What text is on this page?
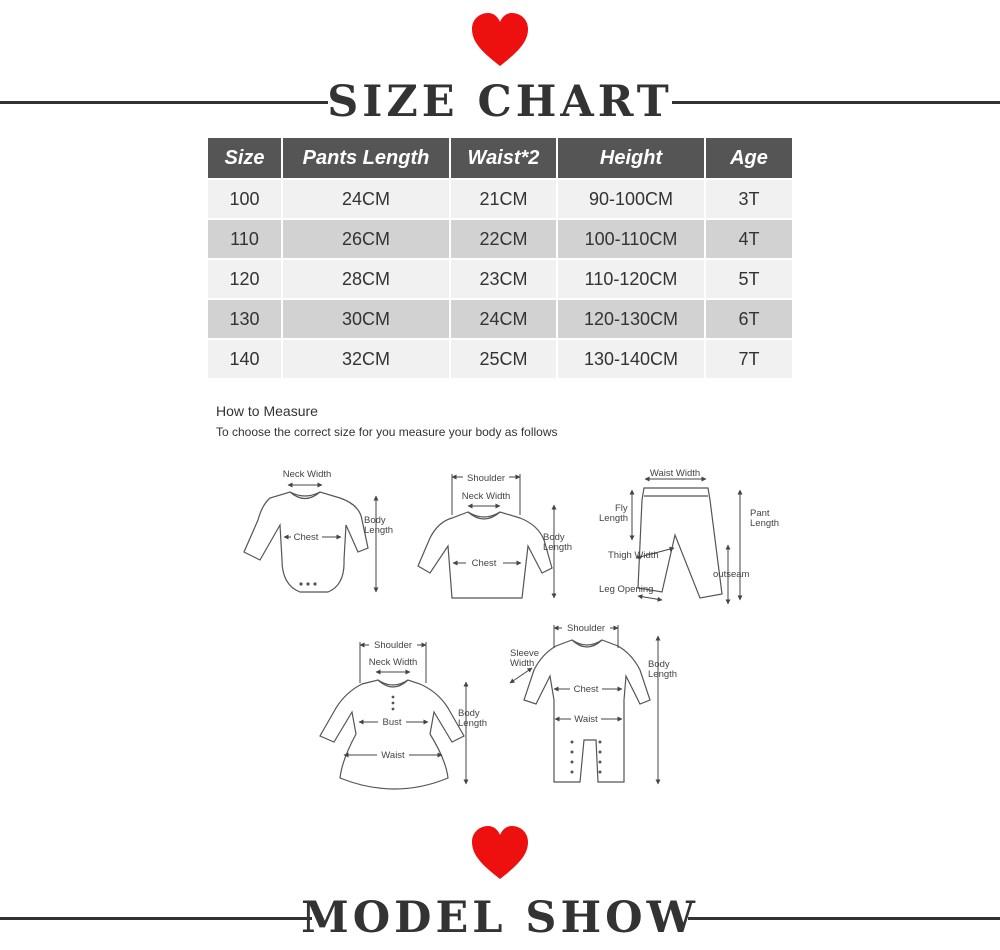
SIZE CHART
Size	Pants Length	Waist*2	Height	Age
100	24CM	21CM	90-100CM	3T
110	26CM	22CM	100-110CM	4T
120	28CM	23CM	110-120CM	5T
130	30CM	24CM	120-130CM	6T
140	32CM	25CM	130-140CM	7T
How to Measure
To choose the correct size for you measure your body as follows
Neck Width
Chest
Body
Length
Shoulder
Neck Width
Chest
Body
Length
Waist Width
Fly
Length	Pant
Length
Thigh Width
outseam
Leg Opening
Shoulder
Neck Width
Bust
Waist
Body
Length
Shoulder
Sleeve
Width
Chest
Waist
Body
Length
MODEL SHOW
